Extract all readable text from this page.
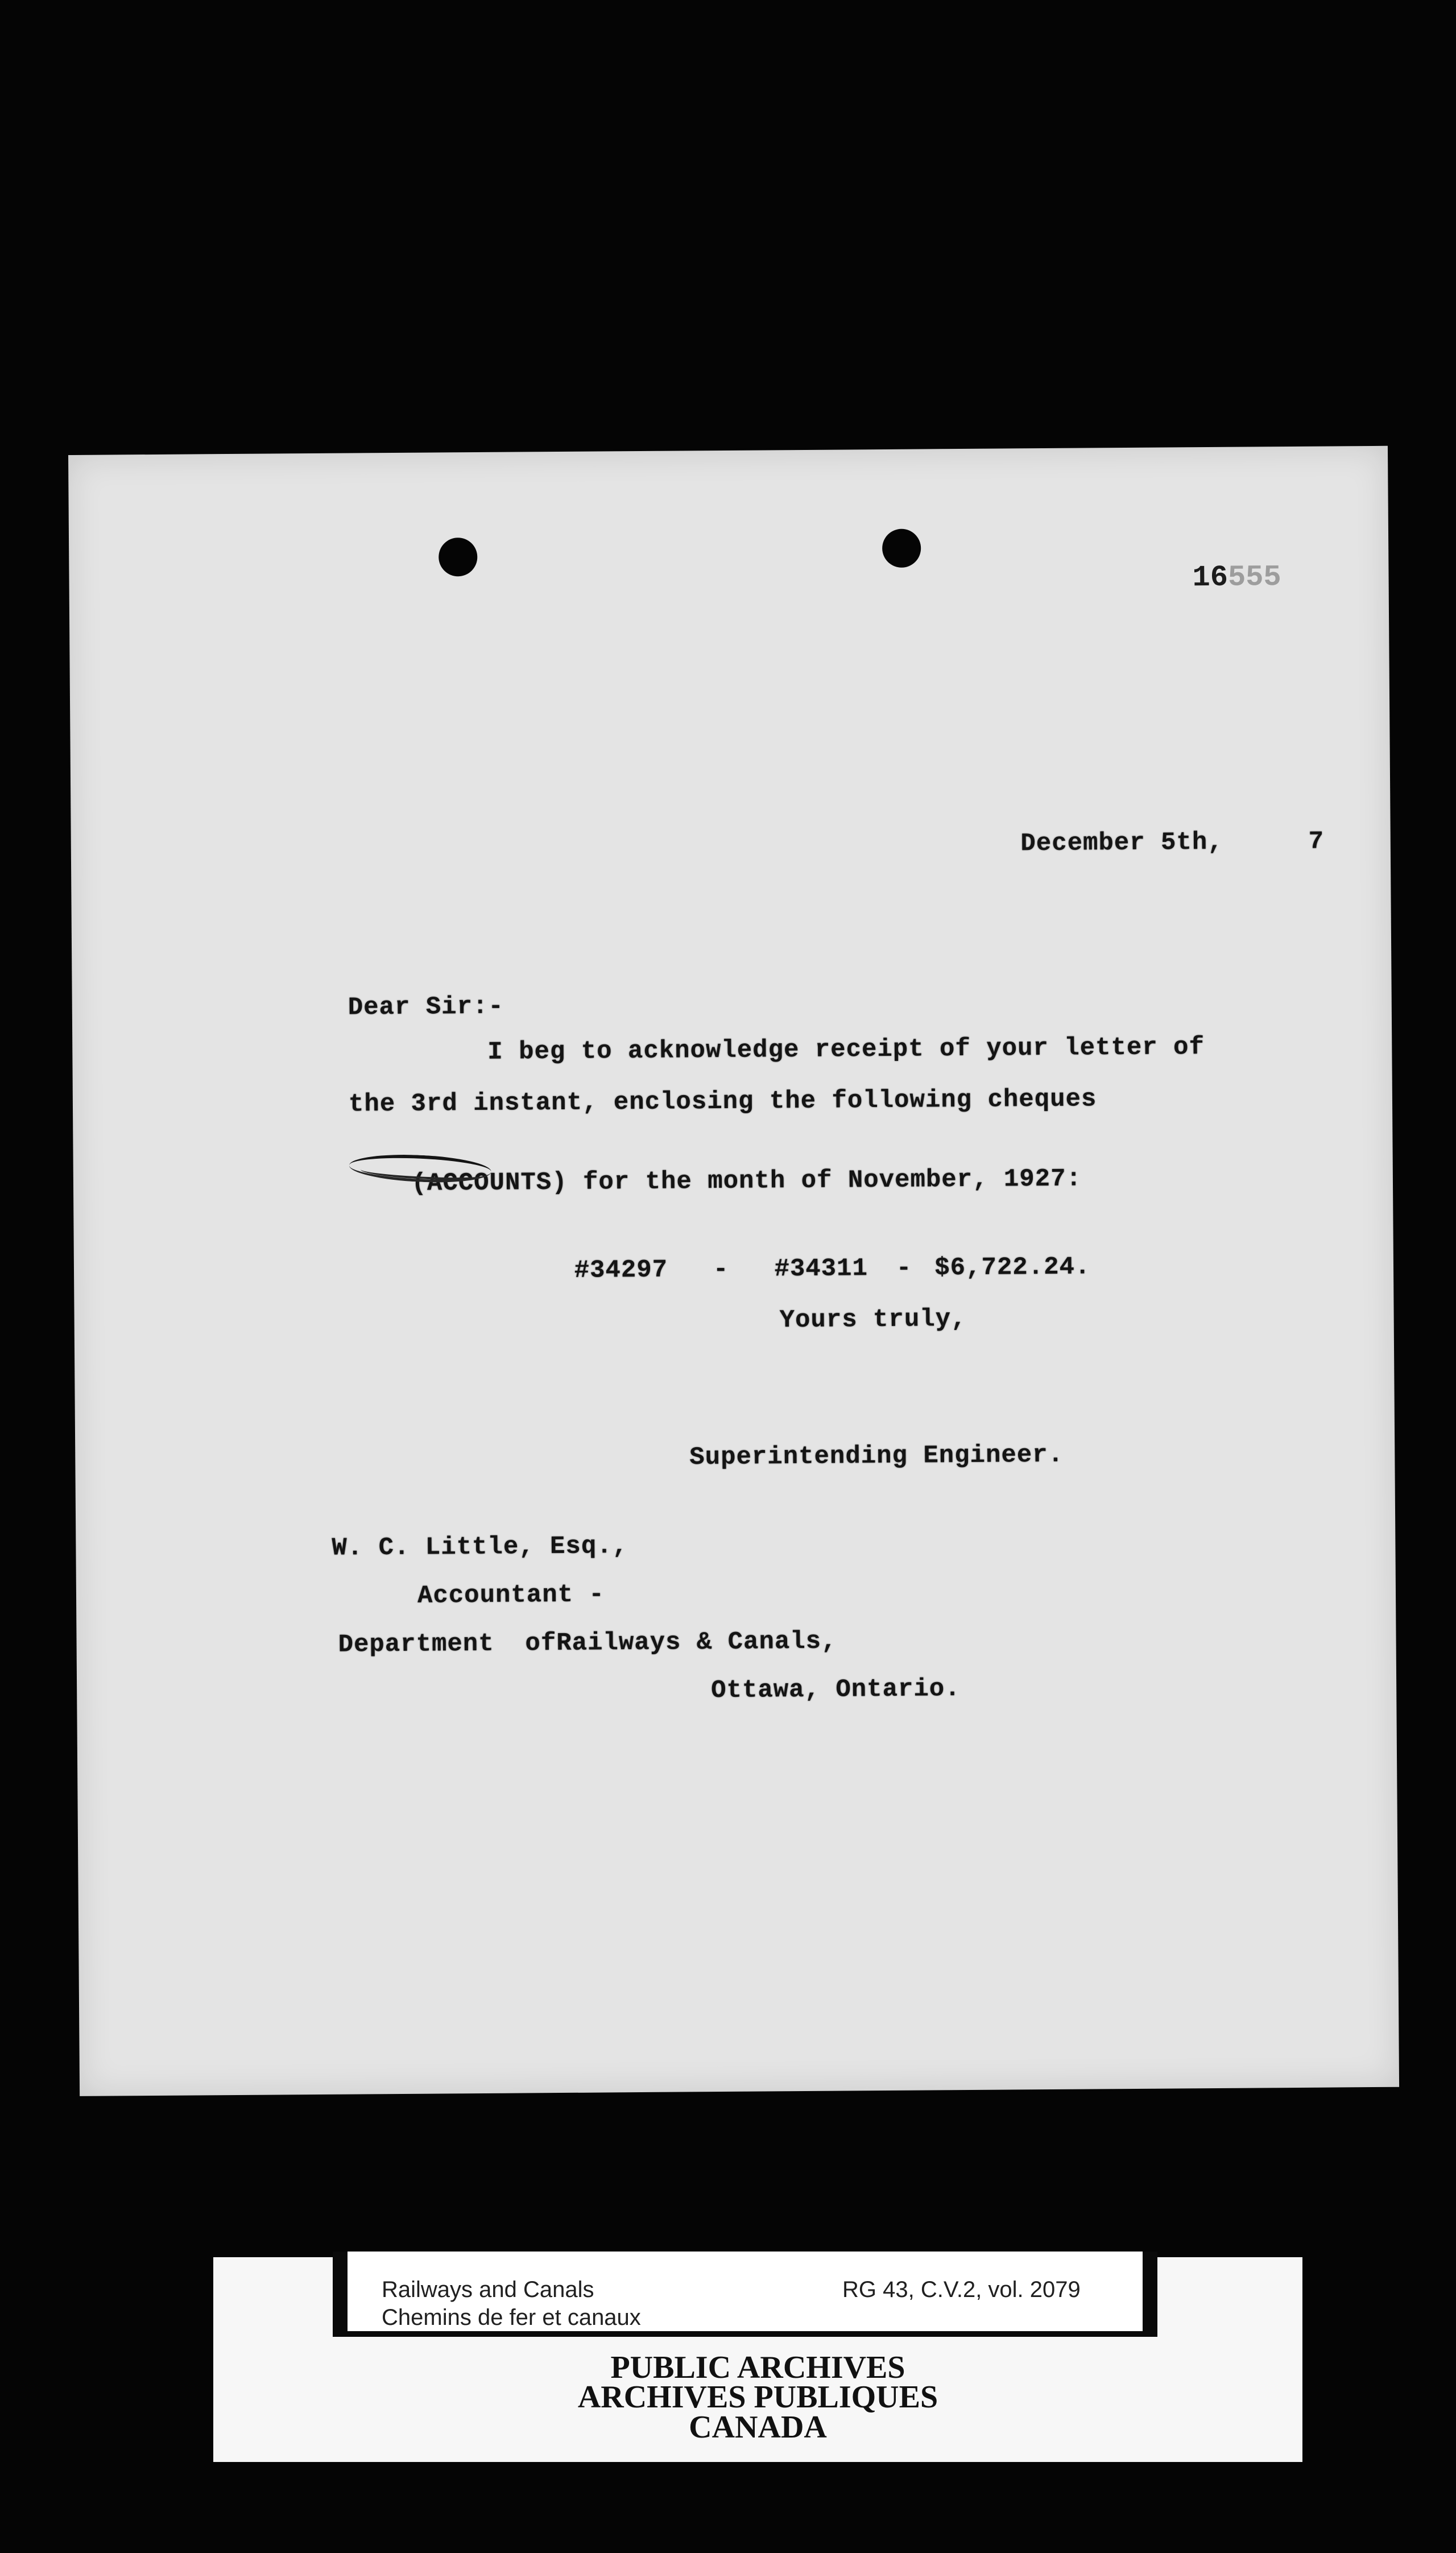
16555

December 5th,	7

Dear Sir:-
I beg to acknowledge receipt of your letter of
the 3rd instant, enclosing the following cheques

(ACCOUNTS) for the month of November, 1927:

#34297 - #34311 - $6,722.24.

Yours truly,
Superintending Engineer.
W. C. Little, Esq.,
Accountant -
Department  ofRailways & Canals,
Ottawa, Ontario.
Railways and Canals
Chemins de fer et canaux
RG 43, C.V.2, vol. 2079
PUBLIC ARCHIVES
ARCHIVES PUBLIQUES
CANADA
